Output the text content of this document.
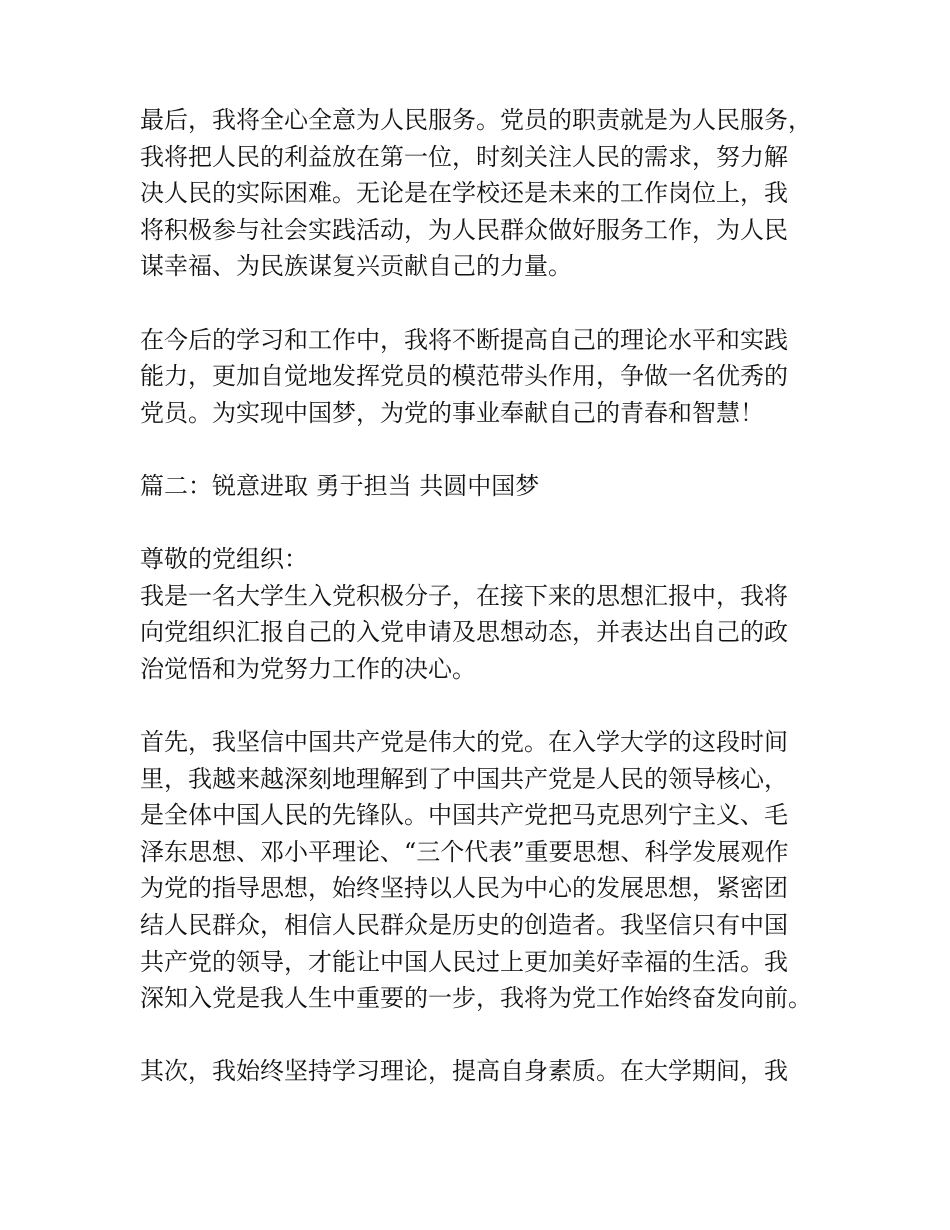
最后，我将全心全意为人民服务。党员的职责就是为人民服务，
我将把人民的利益放在第一位，时刻关注人民的需求，努力解
决人民的实际困难。无论是在学校还是未来的工作岗位上，我
将积极参与社会实践活动，为人民群众做好服务工作，为人民
谋幸福、为民族谋复兴贡献自己的力量。
在今后的学习和工作中，我将不断提高自己的理论水平和实践
能力，更加自觉地发挥党员的模范带头作用，争做一名优秀的
党员。为实现中国梦，为党的事业奉献自己的青春和智慧！
篇二：锐意进取 勇于担当 共圆中国梦
尊敬的党组织：
我是一名大学生入党积极分子，在接下来的思想汇报中，我将
向党组织汇报自己的入党申请及思想动态，并表达出自己的政
治觉悟和为党努力工作的决心。
首先，我坚信中国共产党是伟大的党。在入学大学的这段时间
里，我越来越深刻地理解到了中国共产党是人民的领导核心，
是全体中国人民的先锋队。中国共产党把马克思列宁主义、毛
泽东思想、邓小平理论、“三个代表”重要思想、科学发展观作
为党的指导思想，始终坚持以人民为中心的发展思想，紧密团
结人民群众，相信人民群众是历史的创造者。我坚信只有中国
共产党的领导，才能让中国人民过上更加美好幸福的生活。我
深知入党是我人生中重要的一步，我将为党工作始终奋发向前。
其次，我始终坚持学习理论，提高自身素质。在大学期间，我
